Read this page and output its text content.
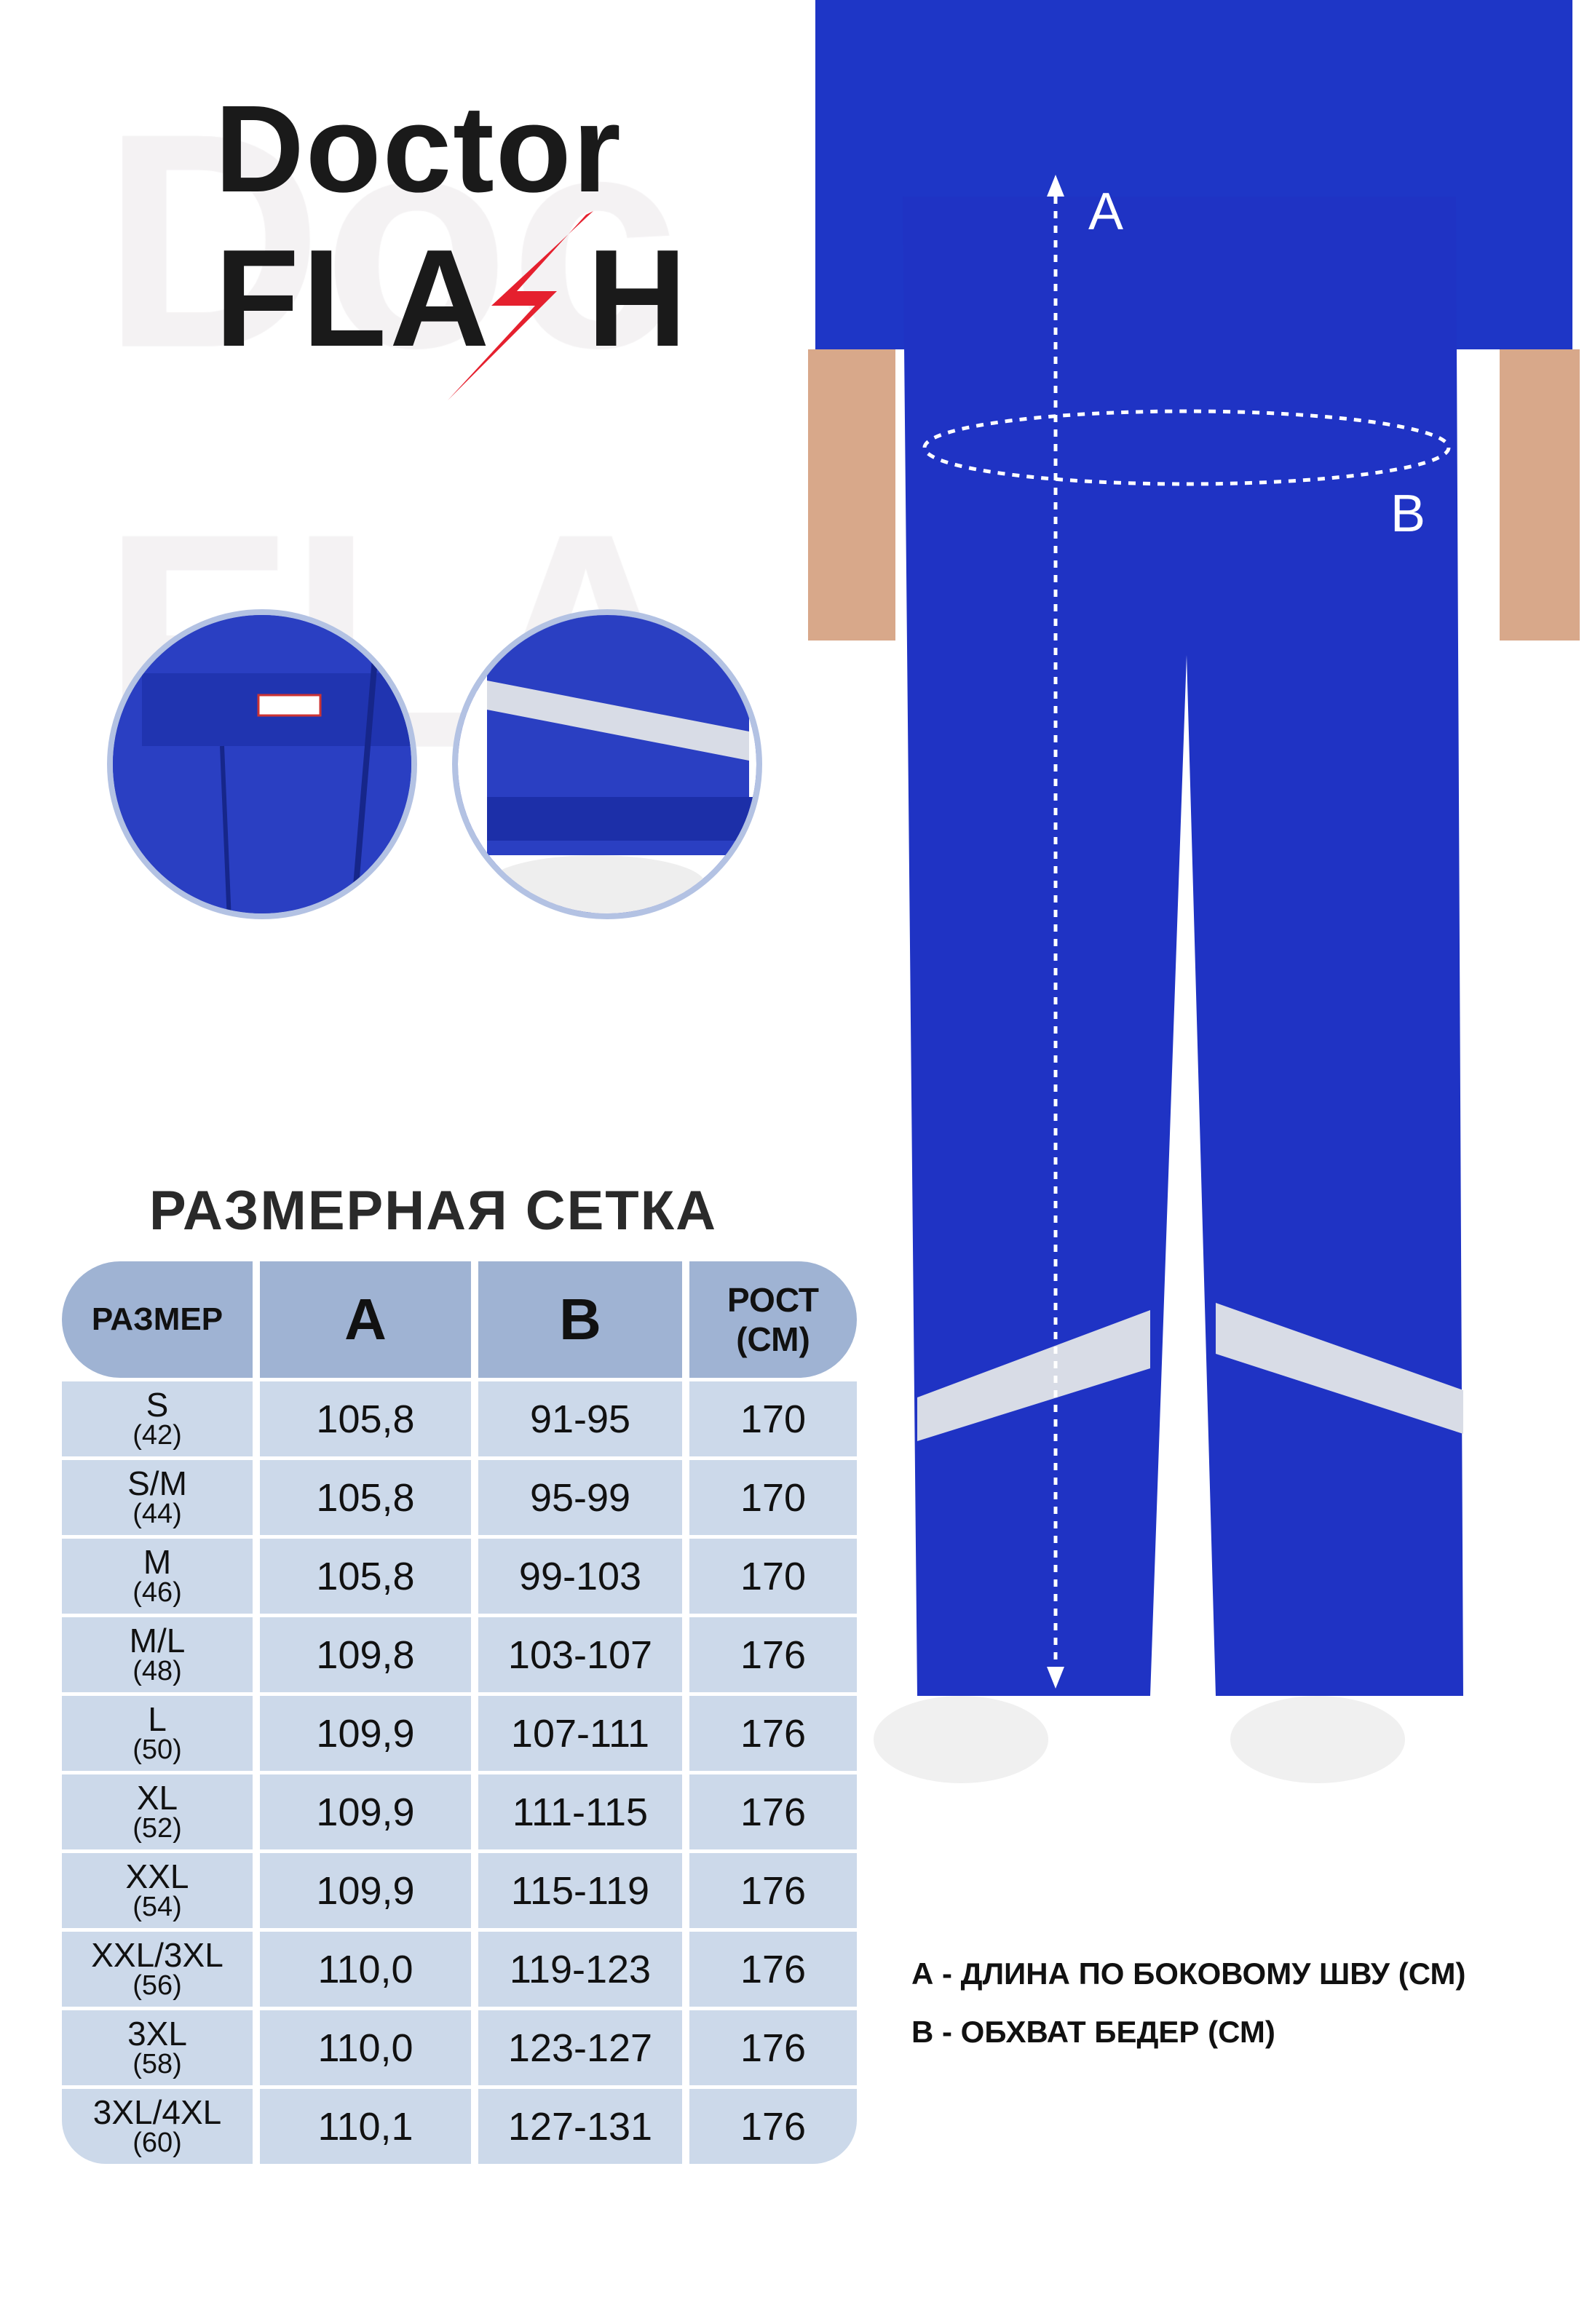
Doctor
FLA H
A
B
РАЗМЕРНАЯ СЕТКА
РАЗМЕР	A	B	РОСТ (СМ)
S
(42)	105,8	91-95	170
S/M
(44)	105,8	95-99	170
M
(46)	105,8	99-103	170
M/L
(48)	109,8	103-107	176
L
(50)	109,9	107-111	176
XL
(52)	109,9	111-115	176
XXL
(54)	109,9	115-119	176
XXL/3XL
(56)	110,0	119-123	176
3XL
(58)	110,0	123-127	176
3XL/4XL
(60)	110,1	127-131	176
А - ДЛИНА ПО БОКОВОМУ ШВУ (СМ)
В - ОБХВАТ БЕДЕР (СМ)
